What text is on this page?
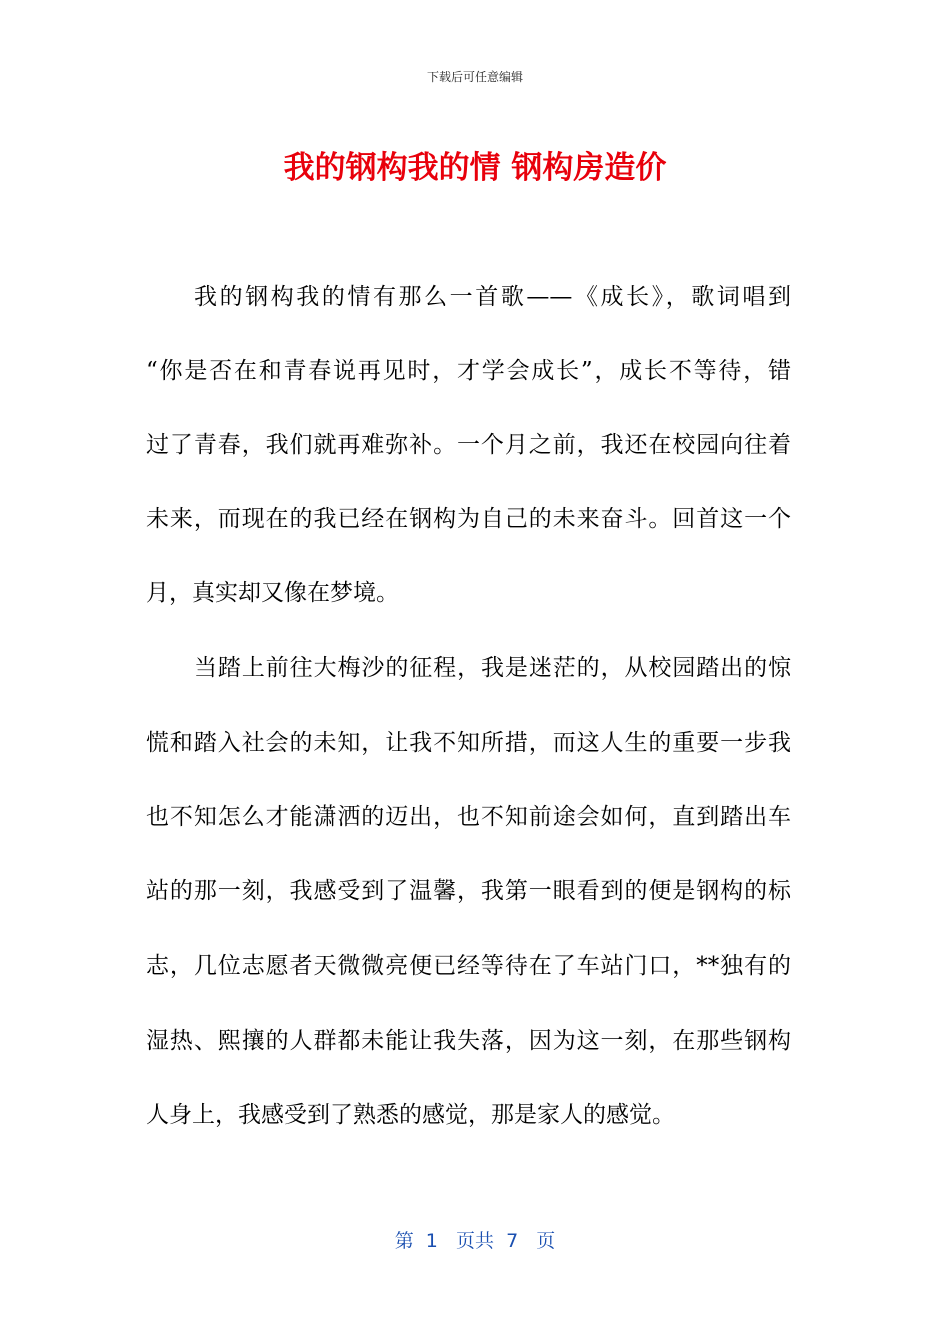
下载后可任意编辑
我的钢构我的情 钢构房造价
我的钢构我的情有那么一首歌——《成长》，歌词唱到
“你是否在和青春说再见时，才学会成长”，成长不等待，错
过了青春，我们就再难弥补。一个月之前，我还在校园向往着
未来，而现在的我已经在钢构为自己的未来奋斗。回首这一个
月，真实却又像在梦境。
当踏上前往大梅沙的征程，我是迷茫的，从校园踏出的惊
慌和踏入社会的未知，让我不知所措，而这人生的重要一步我
也不知怎么才能潇洒的迈出，也不知前途会如何，直到踏出车
站的那一刻，我感受到了温馨，我第一眼看到的便是钢构的标
志，几位志愿者天微微亮便已经等待在了车站门口，**独有的
湿热、熙攘的人群都未能让我失落，因为这一刻，在那些钢构
人身上，我感受到了熟悉的感觉，那是家人的感觉。
第  1   页共  7   页
